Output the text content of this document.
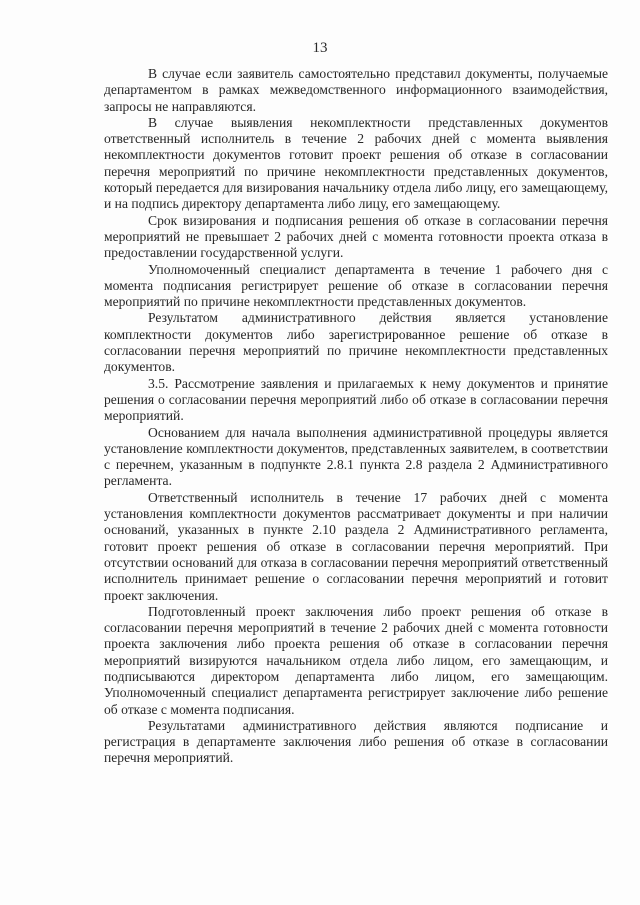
13

В случае если заявитель самостоятельно представил документы, получаемые департаментом в рамках межведомственного информационного взаимодействия, запросы не направляются.

В случае выявления некомплектности представленных документов ответственный исполнитель в течение 2 рабочих дней с момента выявления некомплектности документов готовит проект решения об отказе в согласовании перечня мероприятий по причине некомплектности представленных документов, который передается для визирования начальнику отдела либо лицу, его замещающему, и на подпись директору департамента либо лицу, его замещающему.

Срок визирования и подписания решения об отказе в согласовании перечня мероприятий не превышает 2 рабочих дней с момента готовности проекта отказа в предоставлении государственной услуги.

Уполномоченный специалист департамента в течение 1 рабочего дня с момента подписания регистрирует решение об отказе в согласовании перечня мероприятий по причине некомплектности представленных документов.

Результатом административного действия является установление комплектности документов либо зарегистрированное решение об отказе в согласовании перечня мероприятий по причине некомплектности представленных документов.

3.5. Рассмотрение заявления и прилагаемых к нему документов и принятие решения о согласовании перечня мероприятий либо об отказе в согласовании перечня мероприятий.

Основанием для начала выполнения административной процедуры является установление комплектности документов, представленных заявителем, в соответствии с перечнем, указанным в подпункте 2.8.1 пункта 2.8 раздела 2 Административного регламента.

Ответственный исполнитель в течение 17 рабочих дней с момента установления комплектности документов рассматривает документы и при наличии оснований, указанных в пункте 2.10 раздела 2 Административного регламента, готовит проект решения об отказе в согласовании перечня мероприятий. При отсутствии оснований для отказа в согласовании перечня мероприятий ответственный исполнитель принимает решение о согласовании перечня мероприятий и готовит проект заключения.

Подготовленный проект заключения либо проект решения об отказе в согласовании перечня мероприятий в течение 2 рабочих дней с момента готовности проекта заключения либо проекта решения об отказе в согласовании перечня мероприятий визируются начальником отдела либо лицом, его замещающим, и подписываются директором департамента либо лицом, его замещающим. Уполномоченный специалист департамента регистрирует заключение либо решение об отказе с момента подписания.

Результатами административного действия являются подписание и регистрация в департаменте заключения либо решения об отказе в согласовании перечня мероприятий.
